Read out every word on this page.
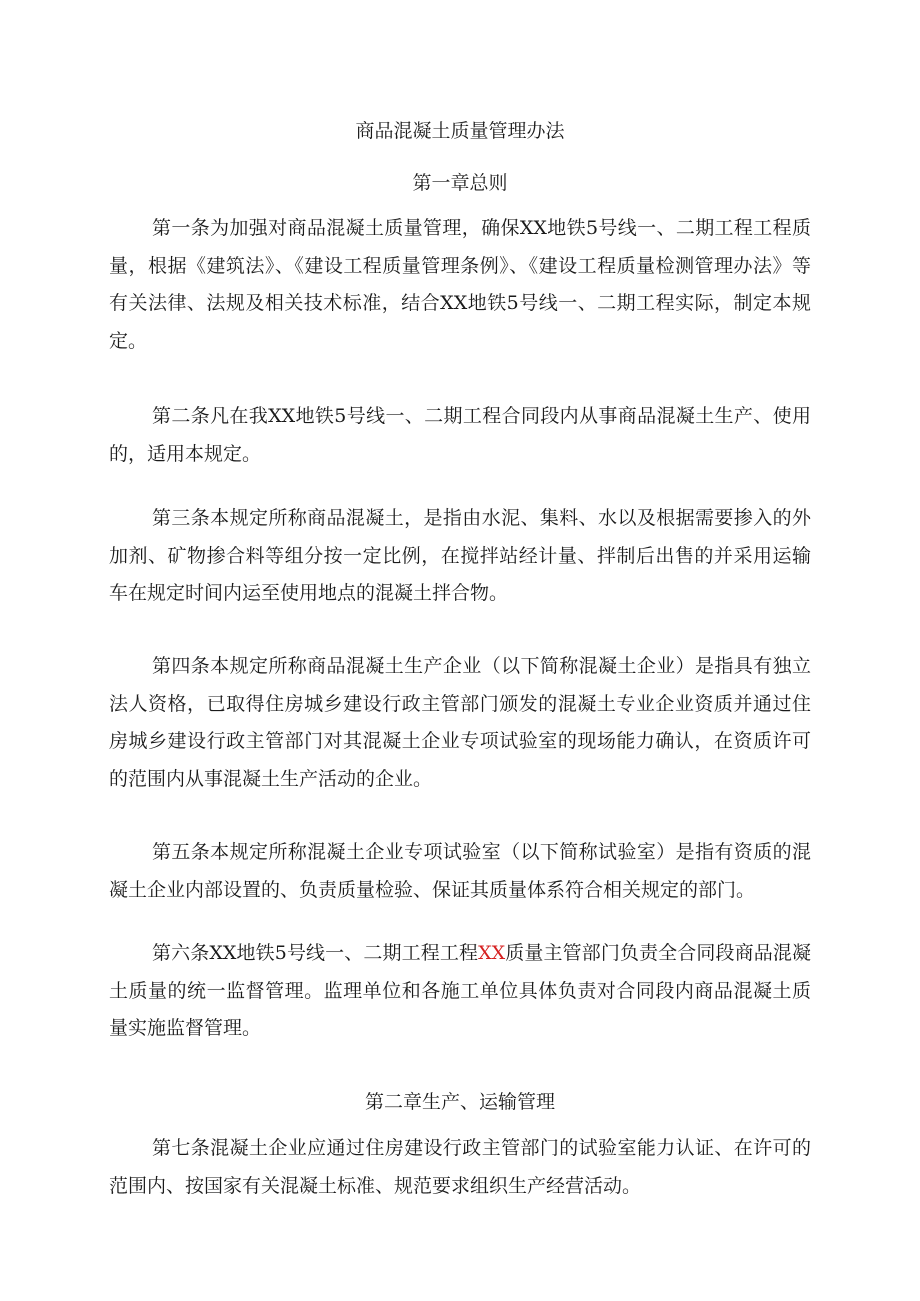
商品混凝土质量管理办法
第一章总则

第一条为加强对商品混凝土质量管理，确保XX地铁5号线一、二期工程工程质量，根据《建筑法》、《建设工程质量管理条例》、《建设工程质量检测管理办法》等有关法律、法规及相关技术标准，结合XX地铁5号线一、二期工程实际，制定本规定。

第二条凡在我XX地铁5号线一、二期工程合同段内从事商品混凝土生产、使用的，适用本规定。

第三条本规定所称商品混凝土，是指由水泥、集料、水以及根据需要掺入的外加剂、矿物掺合料等组分按一定比例，在搅拌站经计量、拌制后出售的并采用运输车在规定时间内运至使用地点的混凝土拌合物。

第四条本规定所称商品混凝土生产企业（以下简称混凝土企业）是指具有独立法人资格，已取得住房城乡建设行政主管部门颁发的混凝土专业企业资质并通过住房城乡建设行政主管部门对其混凝土企业专项试验室的现场能力确认，在资质许可的范围内从事混凝土生产活动的企业。

第五条本规定所称混凝土企业专项试验室（以下简称试验室）是指有资质的混凝土企业内部设置的、负责质量检验、保证其质量体系符合相关规定的部门。

第六条XX地铁5号线一、二期工程工程XX质量主管部门负责全合同段商品混凝土质量的统一监督管理。监理单位和各施工单位具体负责对合同段内商品混凝土质量实施监督管理。

第二章生产、运输管理

第七条混凝土企业应通过住房建设行政主管部门的试验室能力认证、在许可的范围内、按国家有关混凝土标准、规范要求组织生产经营活动。
